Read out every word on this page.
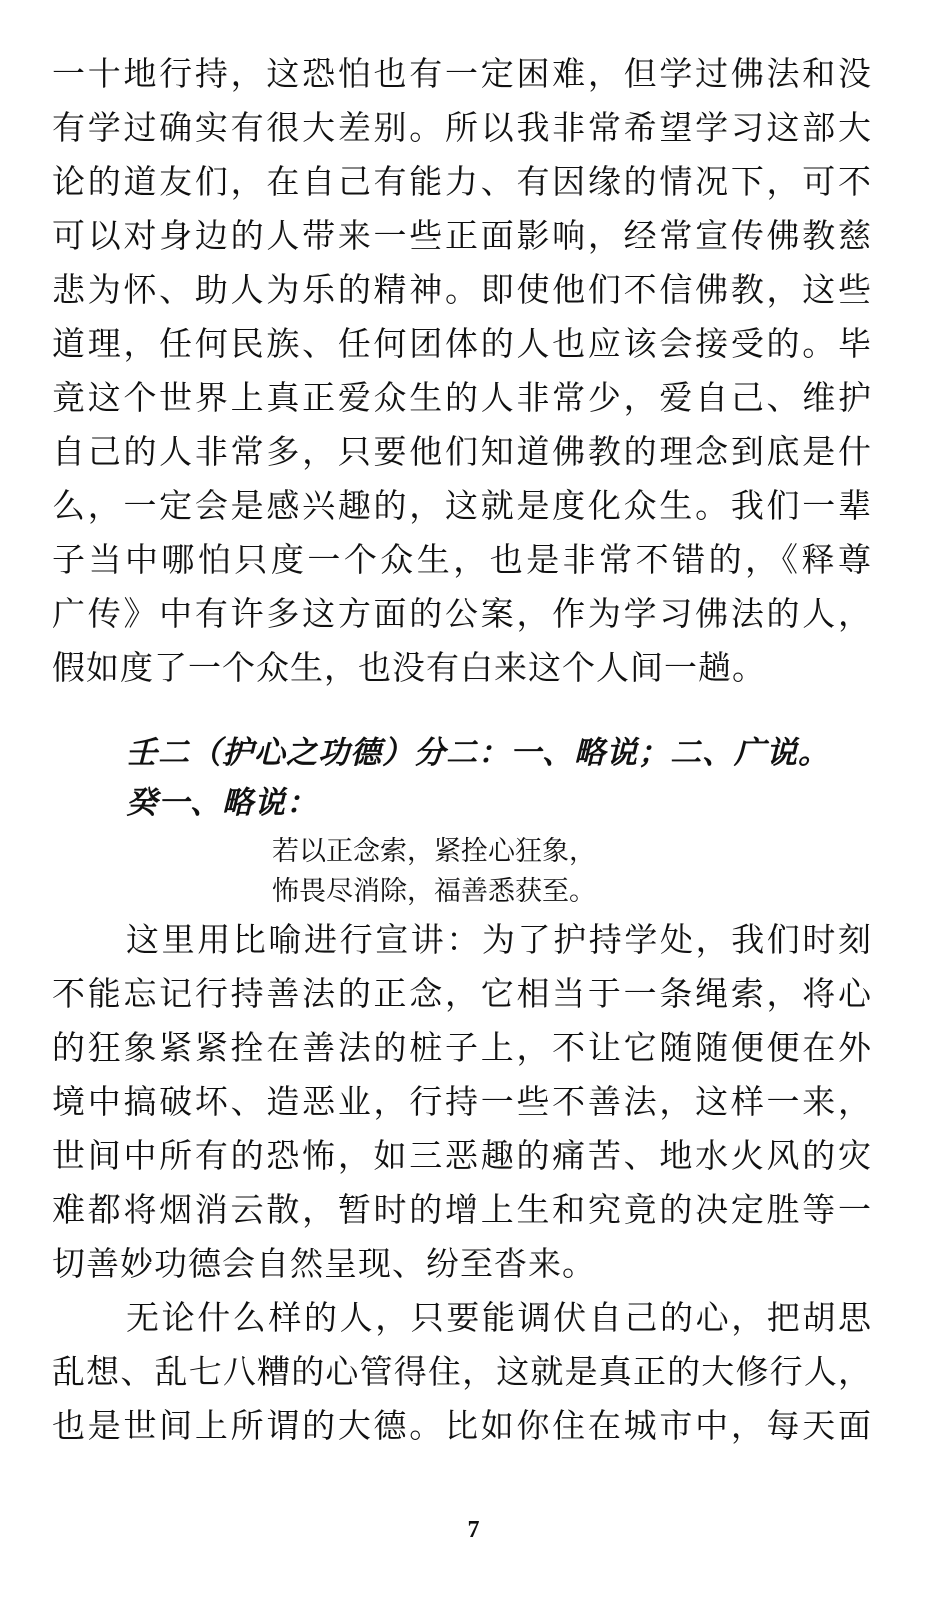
一十地行持，这恐怕也有一定困难，但学过佛法和没
有学过确实有很大差别。所以我非常希望学习这部大
论的道友们，在自己有能力、有因缘的情况下，可不
可以对身边的人带来一些正面影响，经常宣传佛教慈
悲为怀、助人为乐的精神。即使他们不信佛教，这些
道理，任何民族、任何团体的人也应该会接受的。毕
竟这个世界上真正爱众生的人非常少，爱自己、维护
自己的人非常多，只要他们知道佛教的理念到底是什
么，一定会是感兴趣的，这就是度化众生。我们一辈
子当中哪怕只度一个众生，也是非常不错的，《释尊
广传》中有许多这方面的公案，作为学习佛法的人，
假如度了一个众生，也没有白来这个人间一趟。
壬二（护心之功德）分二：一、略说；二、广说。
癸一、略说：
若以正念索，紧拴心狂象，
怖畏尽消除，福善悉获至。
这里用比喻进行宣讲：为了护持学处，我们时刻
不能忘记行持善法的正念，它相当于一条绳索，将心
的狂象紧紧拴在善法的桩子上，不让它随随便便在外
境中搞破坏、造恶业，行持一些不善法，这样一来，
世间中所有的恐怖，如三恶趣的痛苦、地水火风的灾
难都将烟消云散，暂时的增上生和究竟的决定胜等一
切善妙功德会自然呈现、纷至沓来。
无论什么样的人，只要能调伏自己的心，把胡思
乱想、乱七八糟的心管得住，这就是真正的大修行人，
也是世间上所谓的大德。比如你住在城市中，每天面
7
